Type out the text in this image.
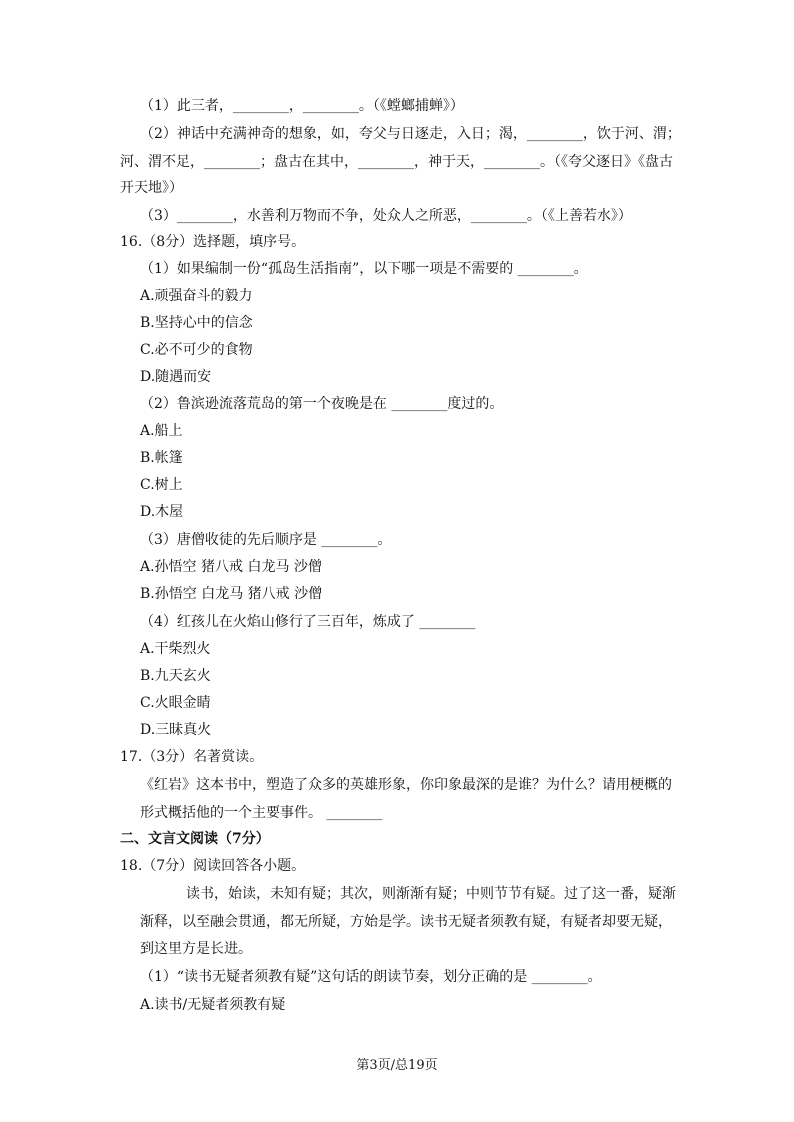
（1）此三者，________，________。（《螳螂捕蝉》）
（2）神话中充满神奇的想象，如，夸父与日逐走，入日；渴，________，饮于河、渭；
河、渭不足，________；盘古在其中，________，神于天，________。（《夸父逐日》《盘古
开天地》）
（3）________，水善利万物而不争，处众人之所恶，________。（《上善若水》）
16.（8分）选择题，填序号。
（1）如果编制一份“孤岛生活指南”，以下哪一项是不需要的 ________。
A.顽强奋斗的毅力
B.坚持心中的信念
C.必不可少的食物
D.随遇而安
（2）鲁滨逊流落荒岛的第一个夜晚是在 ________度过的。
A.船上
B.帐篷
C.树上
D.木屋
（3）唐僧收徒的先后顺序是 ________。
A.孙悟空 猪八戒 白龙马 沙僧
B.孙悟空 白龙马 猪八戒 沙僧
（4）红孩儿在火焰山修行了三百年，炼成了 ________
A.干柴烈火
B.九天玄火
C.火眼金睛
D.三昧真火
17.（3分）名著赏读。
《红岩》这本书中，塑造了众多的英雄形象，你印象最深的是谁？为什么？请用梗概的
形式概括他的一个主要事件。 ________
二、文言文阅读（7分）
18.（7分）阅读回答各小题。
读书，始读，未知有疑；其次，则渐渐有疑；中则节节有疑。过了这一番，疑渐
渐释，以至融会贯通，都无所疑，方始是学。读书无疑者须教有疑，有疑者却要无疑，
到这里方是长进。
（1）“读书无疑者须教有疑”这句话的朗读节奏，划分正确的是 ________。
A.读书/无疑者须教有疑
第3页/总19页
